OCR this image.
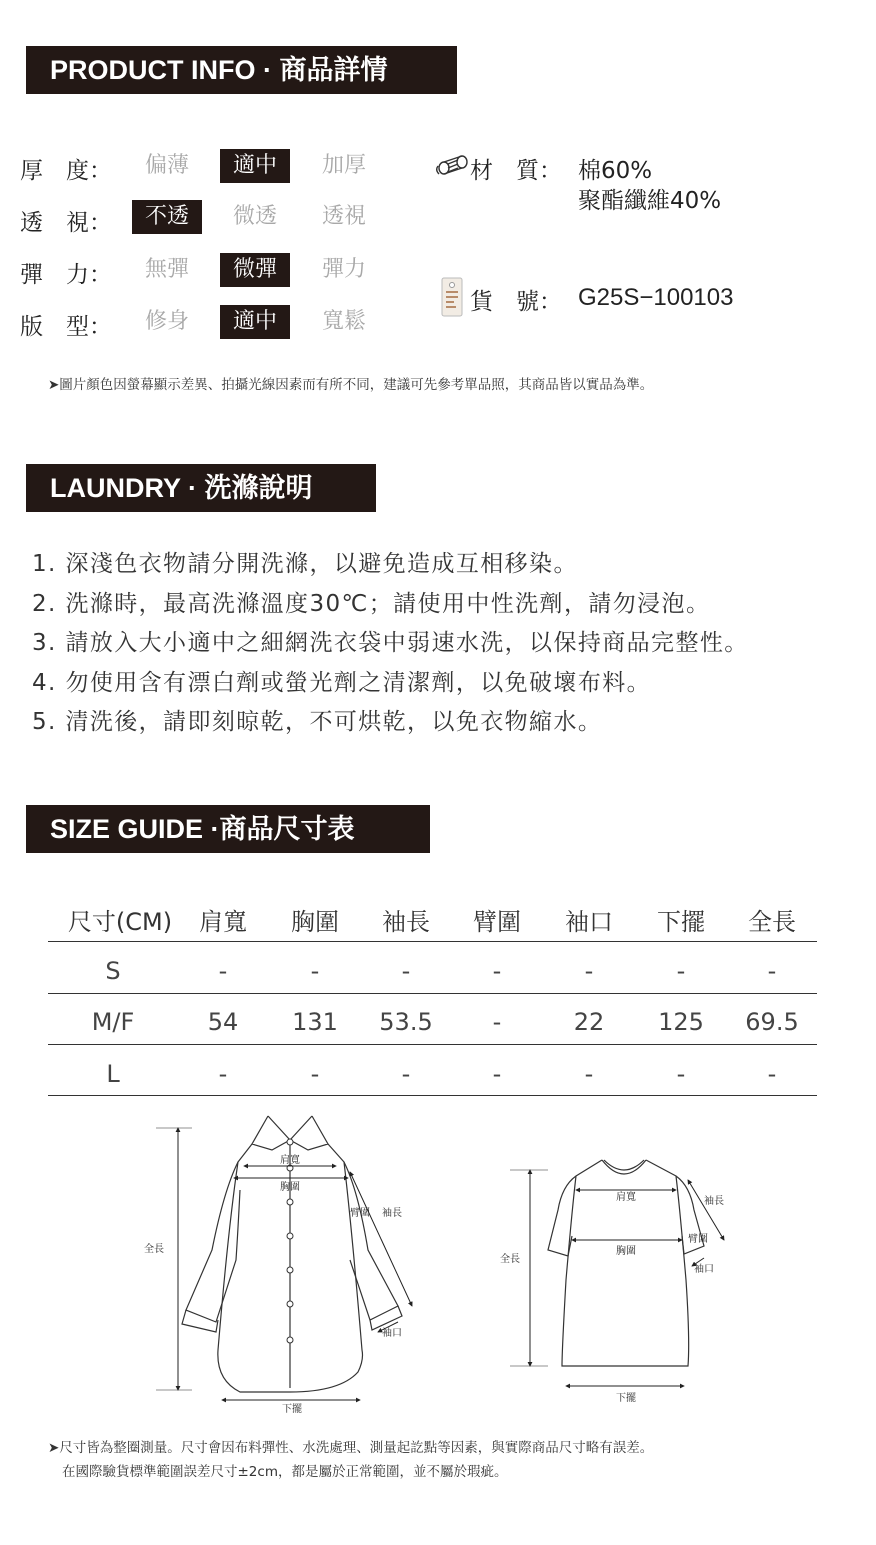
PRODUCT INFO · 商品詳情
厚　度：	偏薄	適中	加厚
透　視：	不透	微透	透視
彈　力：	無彈	微彈	彈力
版　型：	修身	適中	寬鬆
材　質： 棉60%
聚酯纖維40%
貨　號： G25S−100103
➤圖片顏色因螢幕顯示差異、拍攝光線因素而有所不同，建議可先參考單品照，其商品皆以實品為準。
LAUNDRY · 洗滌說明
1. 深淺色衣物請分開洗滌，以避免造成互相移染。
2. 洗滌時，最高洗滌溫度30℃；請使用中性洗劑，請勿浸泡。
3. 請放入大小適中之細網洗衣袋中弱速水洗，以保持商品完整性。
4. 勿使用含有漂白劑或螢光劑之清潔劑，以免破壞布料。
5. 清洗後，請即刻晾乾，不可烘乾，以免衣物縮水。
SIZE GUIDE ·商品尺寸表
尺寸(CM)	肩寬	胸圍	袖長	臂圍	袖口	下擺	全長
S	-	-	-	-	-	-	-
M/F	54	131	53.5	-	22	125	69.5
L	-	-	-	-	-	-	-
肩寬
胸圍
臂圍 袖長
全長
袖口
下擺
肩寬
胸圍
臂圍
袖長
全長
袖口
下擺
➤尺寸皆為整圈測量。尺寸會因布料彈性、水洗處理、測量起訖點等因素，與實際商品尺寸略有誤差。
在國際驗貨標準範圍誤差尺寸±2cm，都是屬於正常範圍，並不屬於瑕疵。
